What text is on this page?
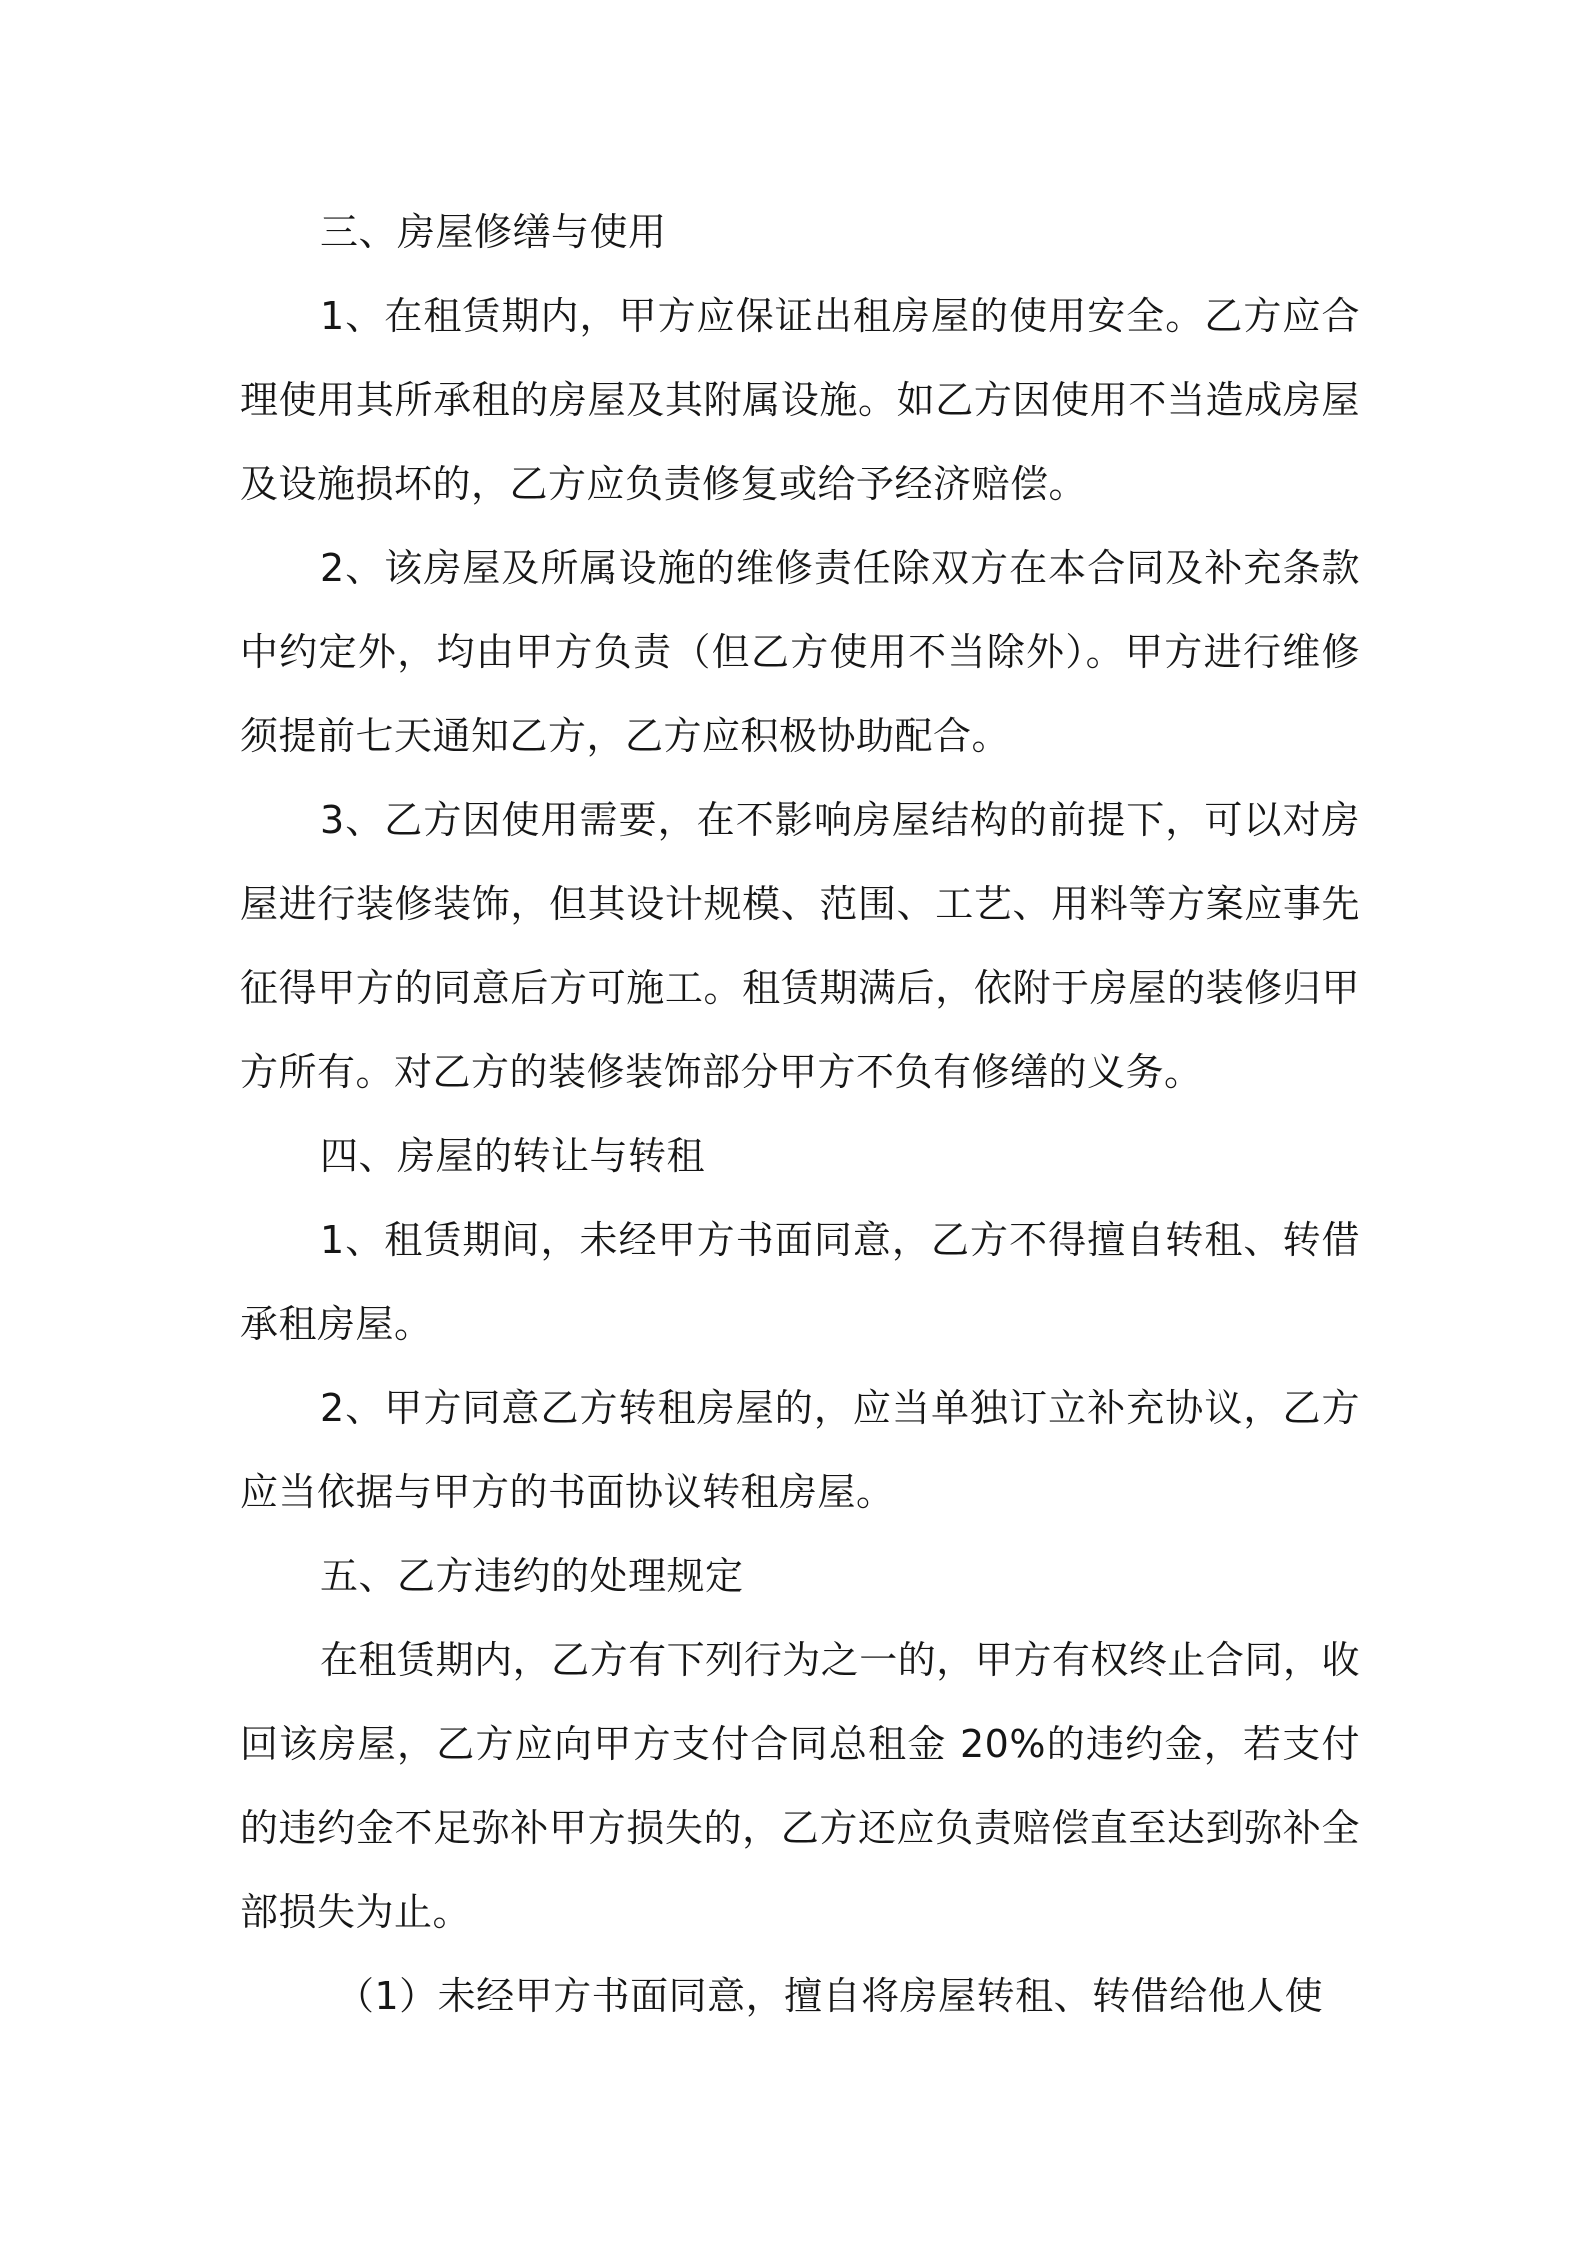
三、房屋修缮与使用

1、在租赁期内，甲方应保证出租房屋的使用安全。乙方应合理使用其所承租的房屋及其附属设施。如乙方因使用不当造成房屋及设施损坏的，乙方应负责修复或给予经济赔偿。

2、该房屋及所属设施的维修责任除双方在本合同及补充条款中约定外，均由甲方负责（但乙方使用不当除外）。甲方进行维修须提前七天通知乙方，乙方应积极协助配合。

3、乙方因使用需要，在不影响房屋结构的前提下，可以对房屋进行装修装饰，但其设计规模、范围、工艺、用料等方案应事先征得甲方的同意后方可施工。租赁期满后，依附于房屋的装修归甲方所有。对乙方的装修装饰部分甲方不负有修缮的义务。

四、房屋的转让与转租

1、租赁期间，未经甲方书面同意，乙方不得擅自转租、转借承租房屋。

2、甲方同意乙方转租房屋的，应当单独订立补充协议，乙方应当依据与甲方的书面协议转租房屋。

五、乙方违约的处理规定

在租赁期内，乙方有下列行为之一的，甲方有权终止合同，收回该房屋，乙方应向甲方支付合同总租金 20%的违约金，若支付的违约金不足弥补甲方损失的，乙方还应负责赔偿直至达到弥补全部损失为止。

（1）未经甲方书面同意，擅自将房屋转租、转借给他人使
